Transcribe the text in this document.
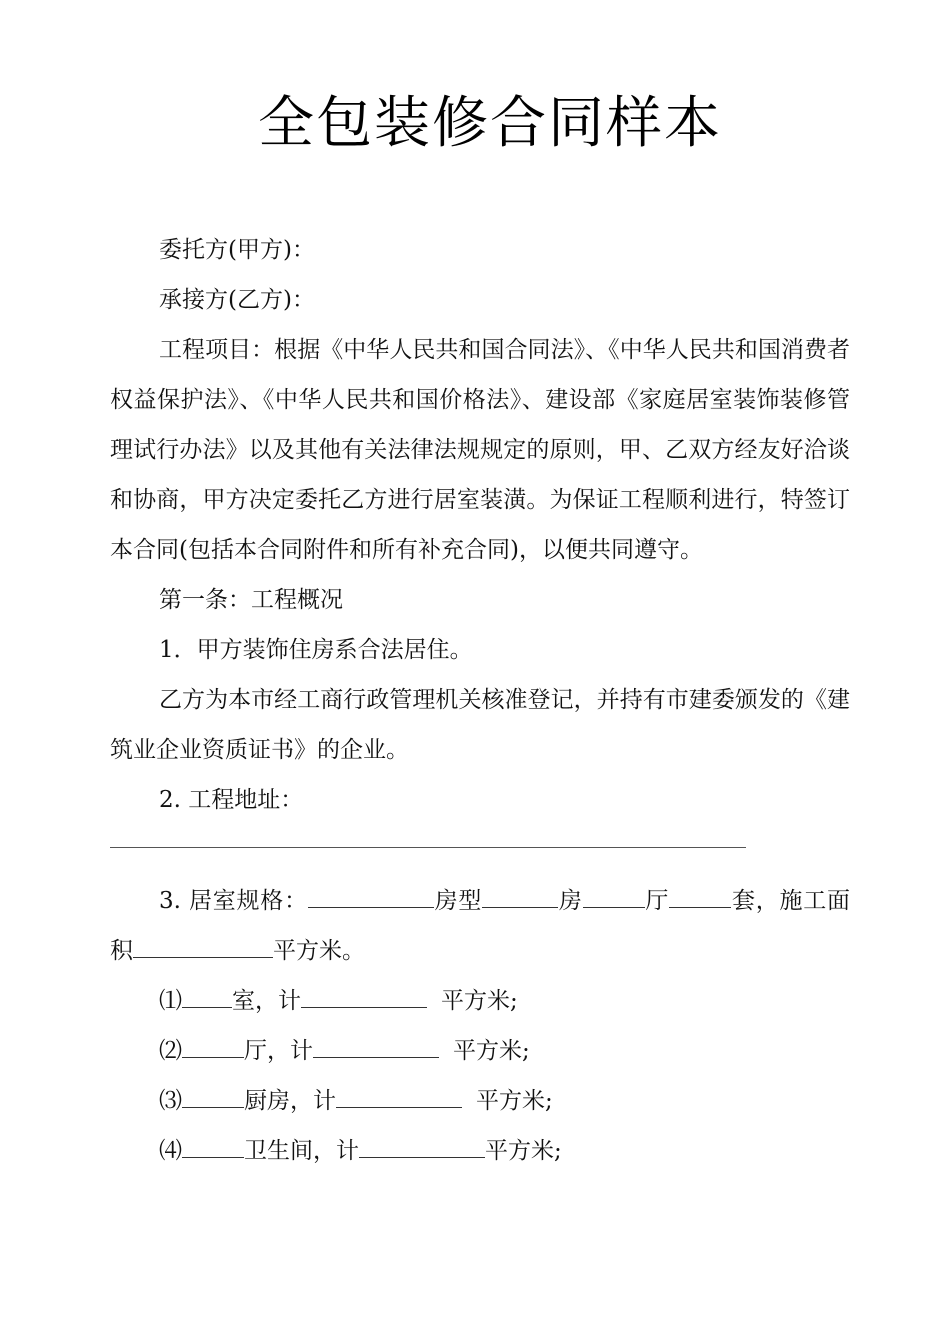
全包装修合同样本

委托方(甲方)：

承接方(乙方)：

工程项目：根据《中华人民共和国合同法》、《中华人民共和国消费者权益保护法》、《中华人民共和国价格法》、建设部《家庭居室装饰装修管理试行办法》以及其他有关法律法规规定的原则，甲、乙双方经友好洽谈和协商，甲方决定委托乙方进行居室装潢。为保证工程顺利进行，特签订本合同(包括本合同附件和所有补充合同)，以便共同遵守。

第一条：工程概况

1．甲方装饰住房系合法居住。

乙方为本市经工商行政管理机关核准登记，并持有市建委颁发的《建筑业企业资质证书》的企业。

2. 工程地址：

3. 居室规格：	房型	房	厅	套，施工面积	平方米。

⑴ 室，计	平方米;

⑵	厅，计	平方米;

⑶	厨房，计	平方米;

⑷	卫生间，计	平方米;
